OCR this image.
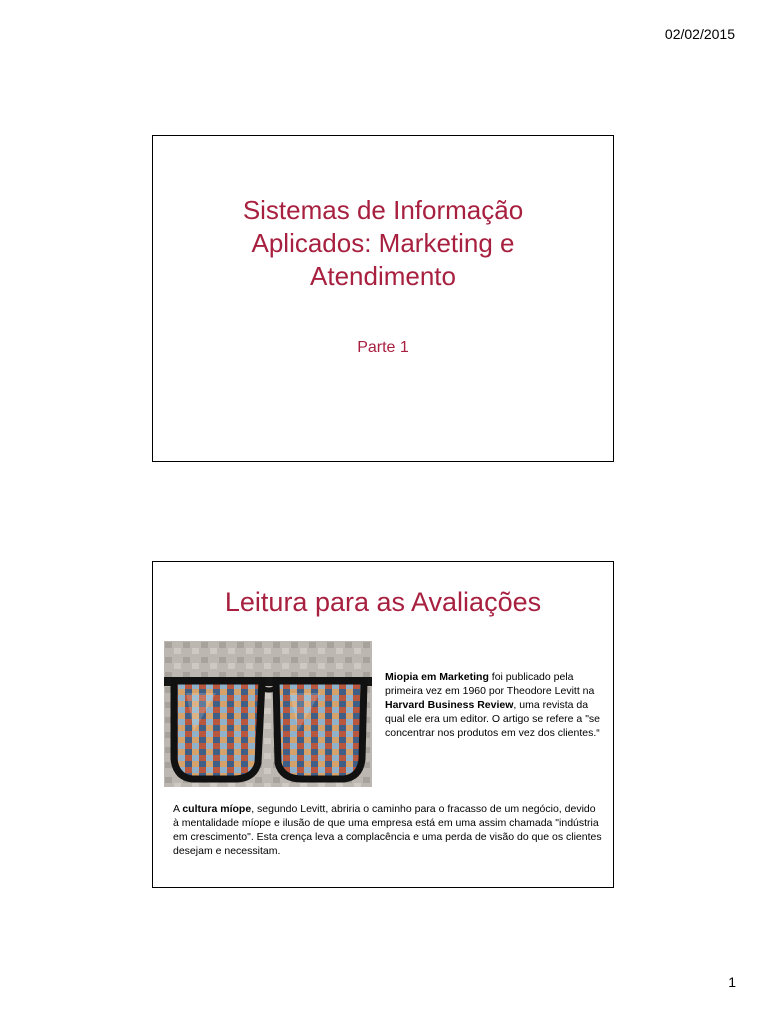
02/02/2015
Sistemas de Informação
Aplicados: Marketing e
Atendimento
Parte 1
Leitura para as Avaliações
Miopia em Marketing foi publicado pela primeira vez em 1960 por Theodore Levitt na Harvard Business Review, uma revista da qual ele era um editor. O artigo se refere a "se concentrar nos produtos em vez dos clientes.“
A cultura míope, segundo Levitt, abriria o caminho para o fracasso de um negócio, devido à mentalidade míope e ilusão de que uma empresa está em uma assim chamada "indústria em crescimento". Esta crença leva a complacência e uma perda de visão do que os clientes desejam e necessitam.
1
